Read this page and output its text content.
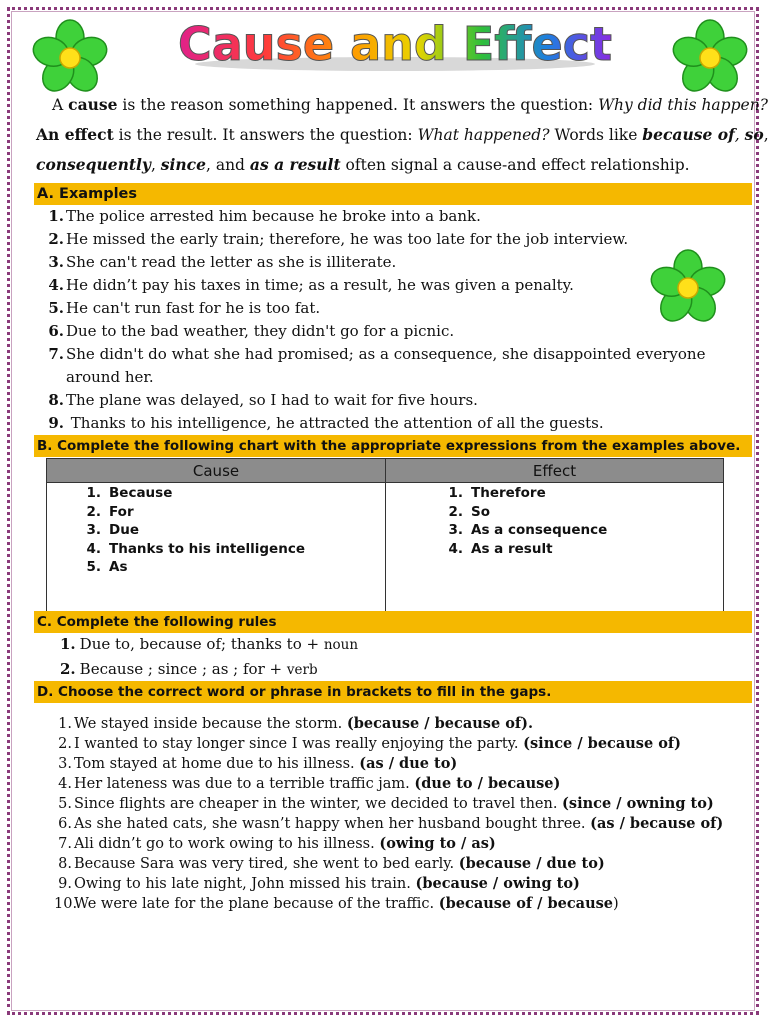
Cause and Effect
A cause is the reason something happened. It answers the question: Why did this happen?
An effect is the result. It answers the question: What happened? Words like because of, so,
consequently, since, and as a result often signal a cause-and effect relationship.
A. Examples
1. The police arrested him because he broke into a bank.
2. He missed the early train; therefore, he was too late for the job interview.
3. She can't read the letter as she is illiterate.
4. He didn’t pay his taxes in time; as a result, he was given a penalty.
5. He can't run fast for he is too fat.
6. Due to the bad weather, they didn't go for a picnic.
7. She didn't do what she had promised; as a consequence, she disappointed everyone around her.
8. The plane was delayed, so I had to wait for five hours.
9. Thanks to his intelligence, he attracted the attention of all the guests.
B. Complete the following chart with the appropriate expressions from the examples above.
Cause	Effect
1. Because
2. For
3. Due
4. Thanks to his intelligence
5. As
1. Therefore
2. So
3. As a consequence
4. As a result
C. Complete the following rules
1. Due to, because of; thanks to + noun
2. Because ; since ; as ; for + verb
D. Choose the correct word or phrase in brackets to fill in the gaps.
1. We stayed inside because the storm. (because / because of).
2. I wanted to stay longer since I was really enjoying the party. (since / because of)
3. Tom stayed at home due to his illness. (as / due to)
4. Her lateness was due to a terrible traffic jam. (due to / because)
5. Since flights are cheaper in the winter, we decided to travel then. (since / owning to)
6. As she hated cats, she wasn’t happy when her husband bought three. (as / because of)
7. Ali didn’t go to work owing to his illness. (owing to / as)
8. Because Sara was very tired, she went to bed early. (because / due to)
9. Owing to his late night, John missed his train. (because / owing to)
10.
We were late for the plane because of the traffic. (because of / because)
